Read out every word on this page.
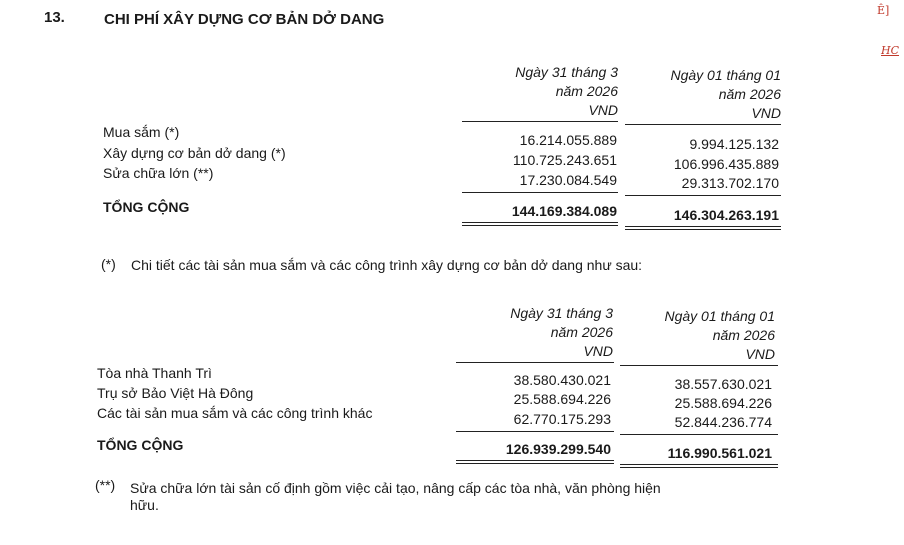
13.	CHI PHÍ XÂY DỰNG CƠ BẢN DỞ DANG
Ê]
HC
Ngày 31 tháng 3
năm 2026
VND
Ngày 01 tháng 01
năm 2026
VND
Mua sắm (*)	16.214.055.889	9.994.125.132
Xây dựng cơ bản dở dang (*)	110.725.243.651	106.996.435.889
Sửa chữa lớn (**)	17.230.084.549	29.313.702.170
TỔNG CỘNG	144.169.384.089	146.304.263.191
(*) Chi tiết các tài sản mua sắm và các công trình xây dựng cơ bản dở dang như sau:
Ngày 31 tháng 3
năm 2026
VND
Ngày 01 tháng 01
năm 2026
VND
Tòa nhà Thanh Trì	38.580.430.021	38.557.630.021
Trụ sở Bảo Việt Hà Đông	25.588.694.226	25.588.694.226
Các tài sản mua sắm và các công trình khác	62.770.175.293	52.844.236.774
TỔNG CỘNG	126.939.299.540	116.990.561.021
(**) Sửa chữa lớn tài sản cố định gồm việc cải tạo, nâng cấp các tòa nhà, văn phòng hiện
hữu.
